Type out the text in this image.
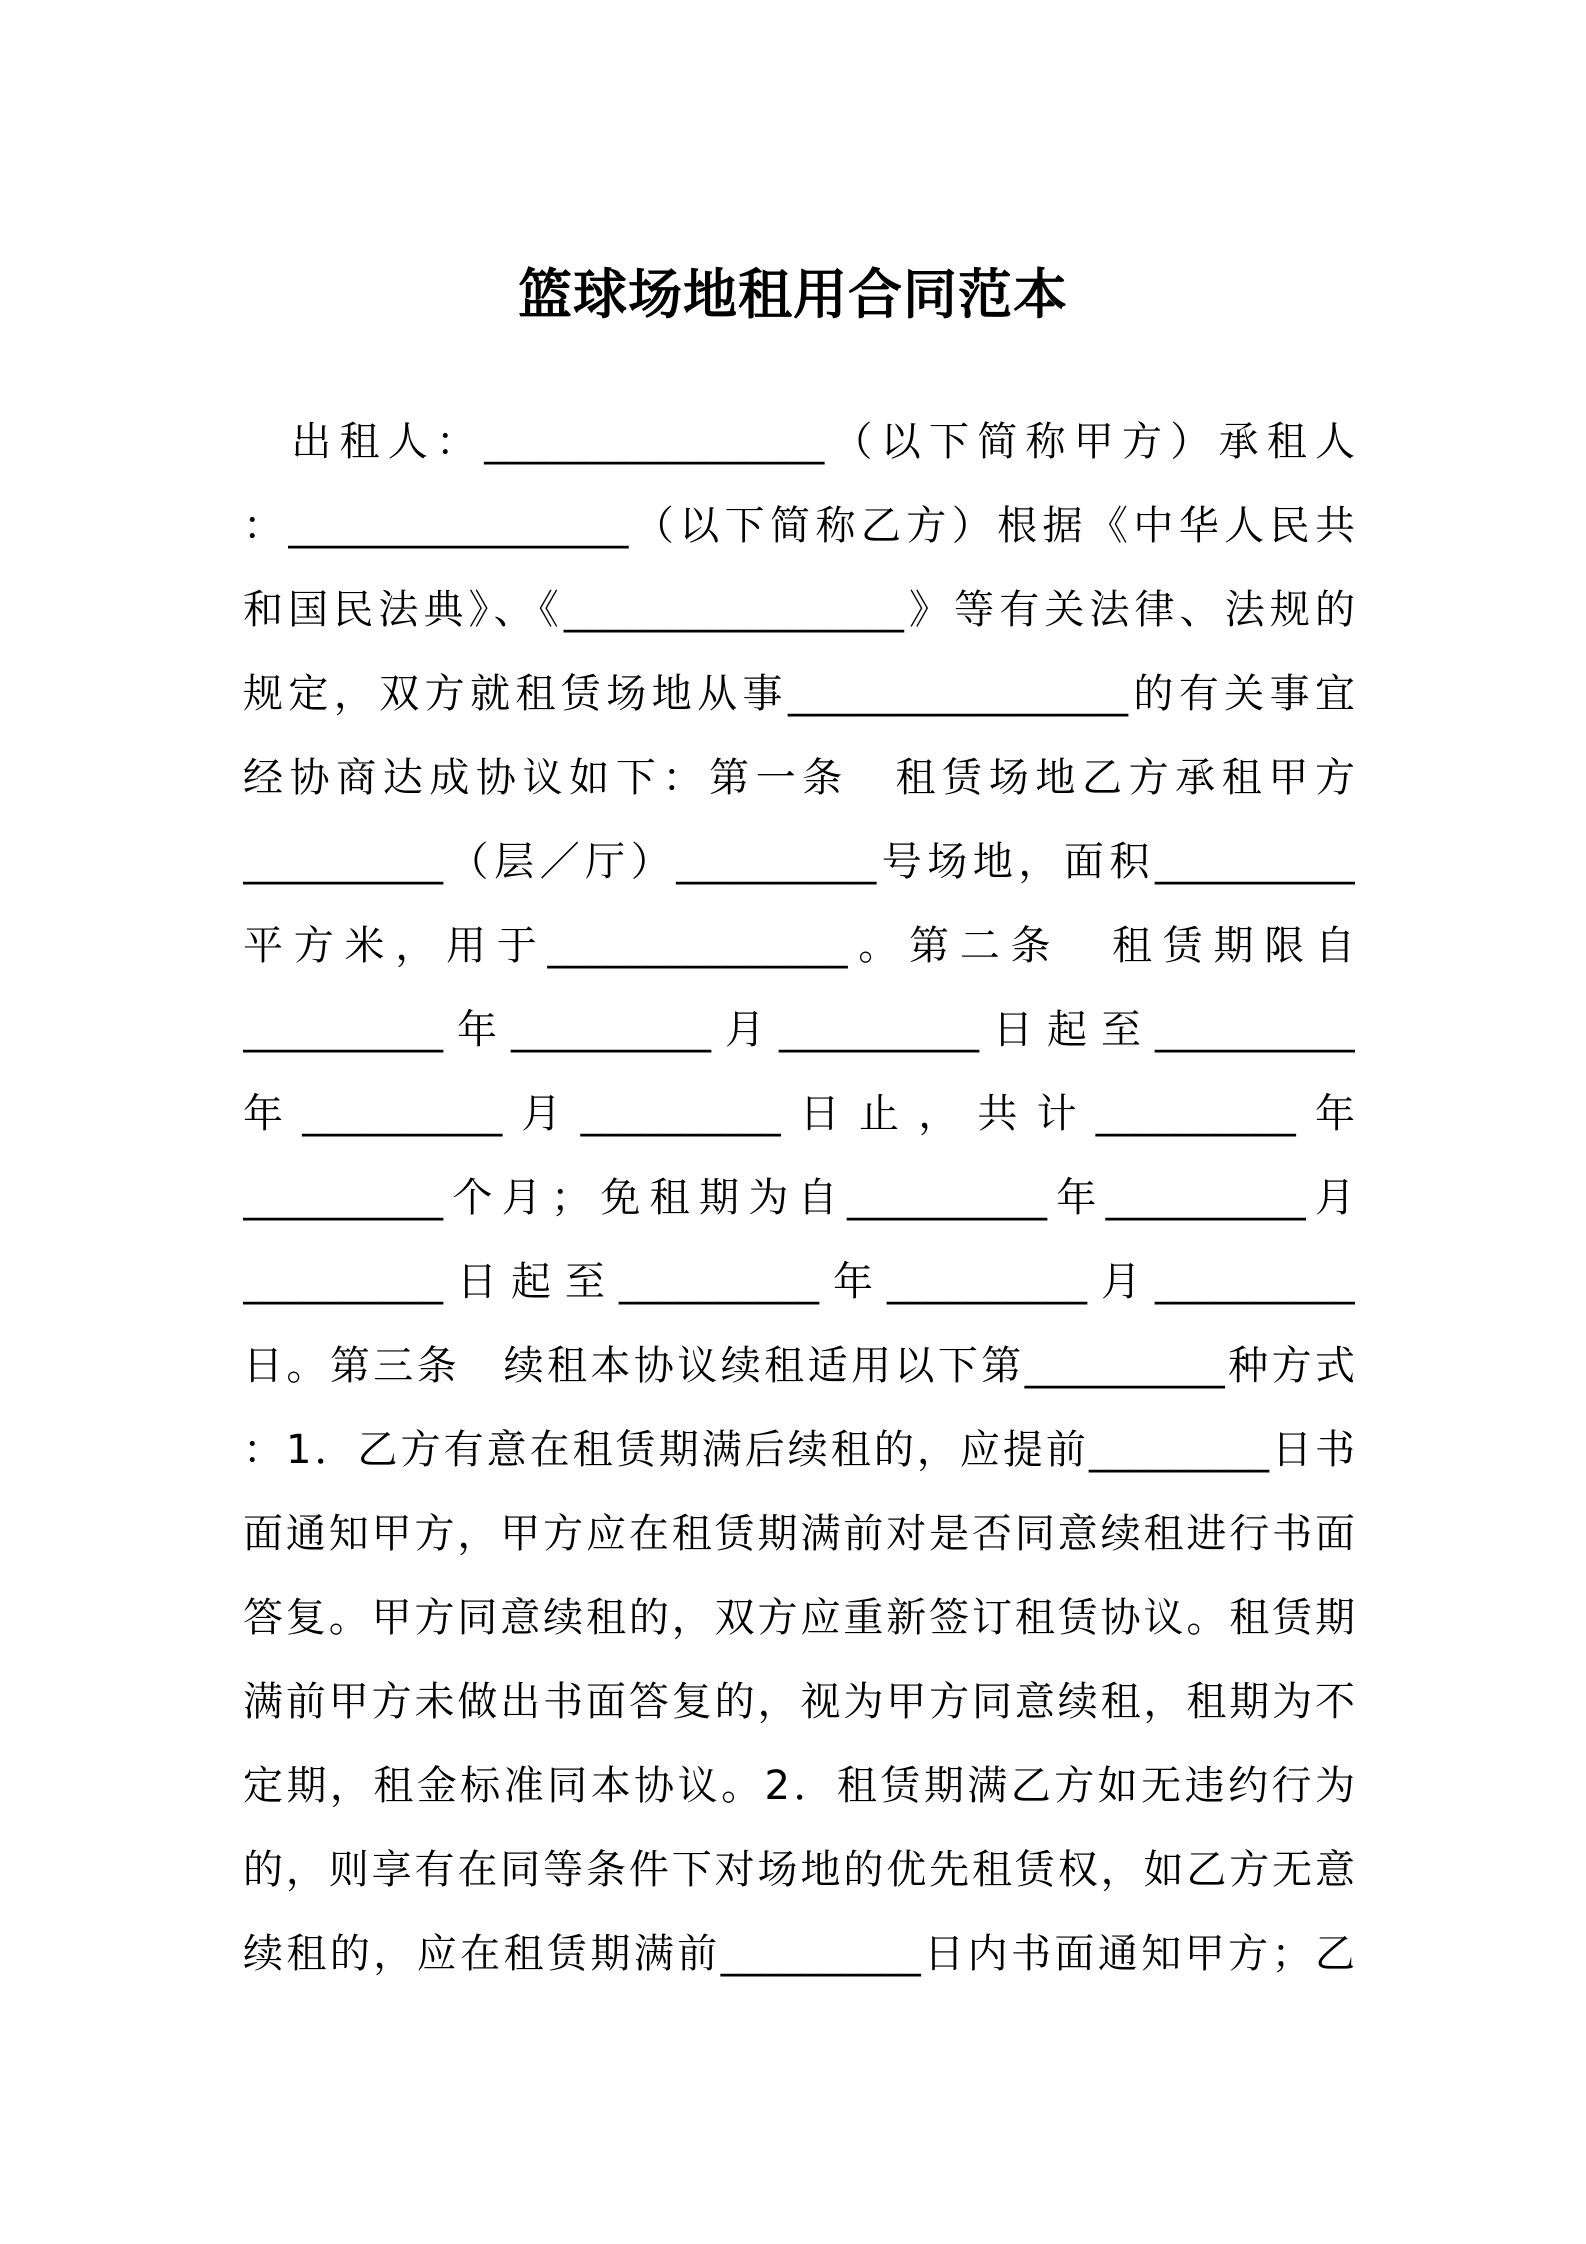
篮球场地租用合同范本
　出租人：_________________（以下简称甲方）承租人
：_________________（以下简称乙方）根据《中华人民共
和国民法典》、《_________________》等有关法律、法规的
规定，双方就租赁场地从事_________________的有关事宜
经协商达成协议如下：第一条　租赁场地乙方承租甲方
__________（层／厅）__________号场地，面积__________
平方米，用于_______________。第二条　租赁期限自
__________年__________月__________日起至__________
年__________月__________日止，共计__________年
__________个月；免租期为自__________年__________月
__________日起至__________年__________月__________
日。第三条　续租本协议续租适用以下第__________种方式
：1．乙方有意在租赁期满后续租的，应提前_________日书
面通知甲方，甲方应在租赁期满前对是否同意续租进行书面
答复。甲方同意续租的，双方应重新签订租赁协议。租赁期
满前甲方未做出书面答复的，视为甲方同意续租，租期为不
定期，租金标准同本协议。2．租赁期满乙方如无违约行为
的，则享有在同等条件下对场地的优先租赁权，如乙方无意
续租的，应在租赁期满前__________日内书面通知甲方；乙
